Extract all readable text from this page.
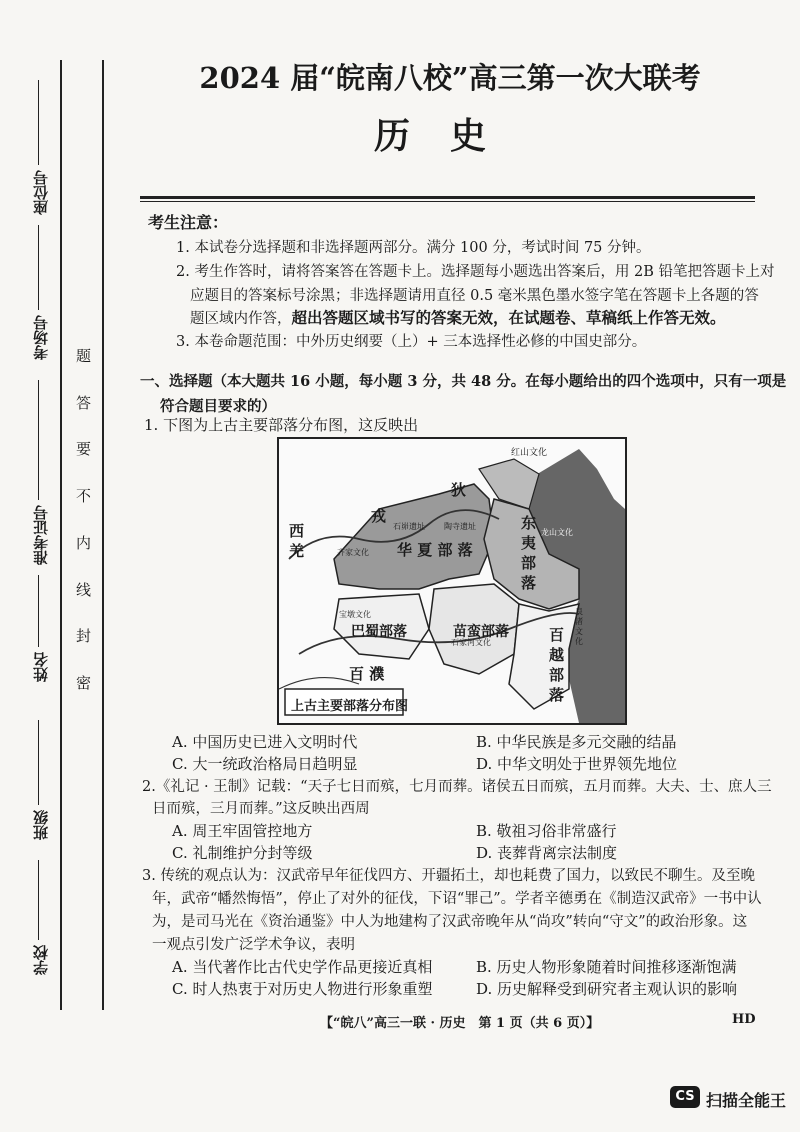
题
答
要
不
内
线
封
密
座位号
考场号
准考证号
姓名
班级
学校
2024 届“皖南八校”高三第一次大联考
历史
考生注意：
1. 本试卷分选择题和非选择题两部分。满分 100 分，考试时间 75 分钟。
2. 考生作答时，请将答案答在答题卡上。选择题每小题选出答案后，用 2B 铅笔把答题卡上对
应题目的答案标号涂黑；非选择题请用直径 0.5 毫米黑色墨水签字笔在答题卡上各题的答
题区域内作答，超出答题区域书写的答案无效，在试题卷、草稿纸上作答无效。
3. 本卷命题范围：中外历史纲要（上）+ 三本选择性必修的中国史部分。
一、选择题（本大题共 16 小题，每小题 3 分，共 48 分。在每小题给出的四个选项中，只有一项是
符合题目要求的）
1. 下图为上古主要部落分布图，这反映出
红山文化
狄
戎
西羌
石峁遗址 陶寺遗址
齐家文化 华 夏 部 落
东夷部落
龙山文化
宝墩文化
巴蜀部落	苗蛮部落
石家河文化
良渚文化
百越部落
百 濮
上古主要部落分布图
A. 中国历史已进入文明时代	B. 中华民族是多元交融的结晶
C. 大一统政治格局日趋明显	D. 中华文明处于世界领先地位
2.《礼记 · 王制》记载：“天子七日而殡，七月而葬。诸侯五日而殡，五月而葬。大夫、士、庶人三
日而殡，三月而葬。”这反映出西周
A. 周王牢固管控地方	B. 敬祖习俗非常盛行
C. 礼制维护分封等级	D. 丧葬背离宗法制度
3. 传统的观点认为：汉武帝早年征伐四方、开疆拓土，却也耗费了国力，以致民不聊生。及至晚
年，武帝“幡然悔悟”，停止了对外的征伐，下诏“罪己”。学者辛德勇在《制造汉武帝》一书中认
为，是司马光在《资治通鉴》中人为地建构了汉武帝晚年从“尚攻”转向“守文”的政治形象。这
一观点引发广泛学术争议，表明
A. 当代著作比古代史学作品更接近真相	B. 历史人物形象随着时间推移逐渐饱满
C. 时人热衷于对历史人物进行形象重塑	D. 历史解释受到研究者主观认识的影响
【“皖八”高三一联 · 历史　第 1 页（共 6 页）】	HD
CS 扫描全能王
